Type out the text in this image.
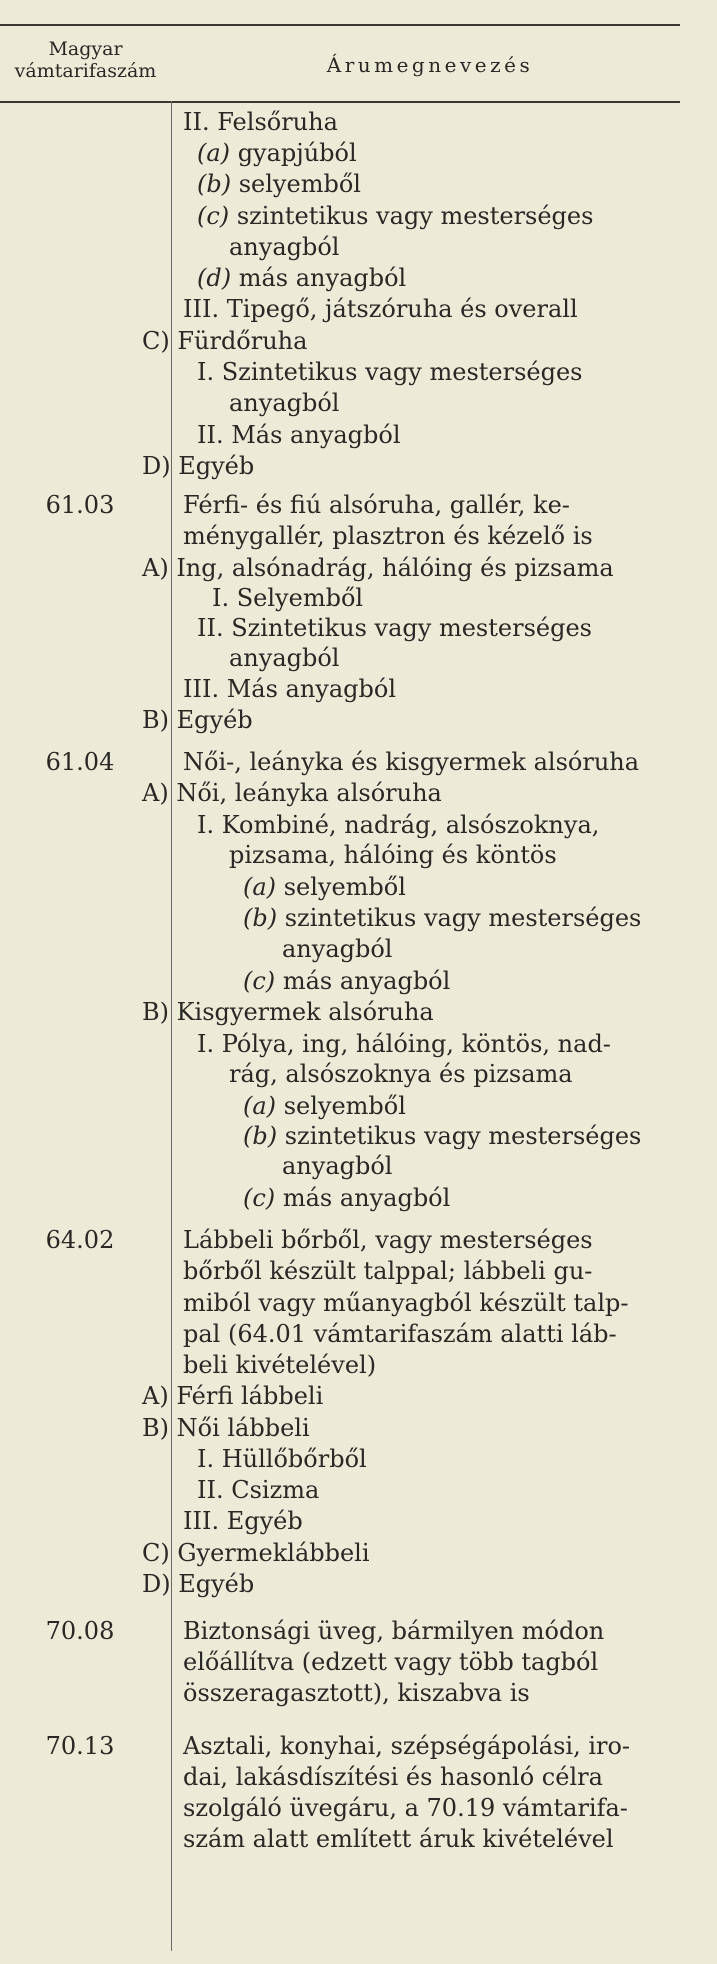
Magyar
vámtarifaszám	Árumegnevezés
II. Felsőruha
(a) gyapjúból
(b) selyemből
(c) szintetikus vagy mesterséges
anyagból
(d) más anyagból
III. Tipegő, játszóruha és overall
C) Fürdőruha
I. Szintetikus vagy mesterséges
anyagból
II. Más anyagból
D) Egyéb
61.03	Férfi- és fiú alsóruha, gallér, ke-
ménygallér, plasztron és kézelő is
A) Ing, alsónadrág, hálóing és pizsama
I. Selyemből
II. Szintetikus vagy mesterséges
anyagból
III. Más anyagból
B) Egyéb
61.04	Női-, leányka és kisgyermek alsóruha
A) Női, leányka alsóruha
I. Kombiné, nadrág, alsószoknya,
pizsama, hálóing és köntös
(a) selyemből
(b) szintetikus vagy mesterséges
anyagból
(c) más anyagból
B) Kisgyermek alsóruha
I. Pólya, ing, hálóing, köntös, nad-
rág, alsószoknya és pizsama
(a) selyemből
(b) szintetikus vagy mesterséges
anyagból
(c) más anyagból
64.02	Lábbeli bőrből, vagy mesterséges
bőrből készült talppal; lábbeli gu-
miból vagy műanyagból készült talp-
pal (64.01 vámtarifaszám alatti láb-
beli kivételével)
A) Férfi lábbeli
B) Női lábbeli
I. Hüllőbőrből
II. Csizma
III. Egyéb
C) Gyermeklábbeli
D) Egyéb
70.08	Biztonsági üveg, bármilyen módon
előállítva (edzett vagy több tagból
összeragasztott), kiszabva is
70.13	Asztali, konyhai, szépségápolási, iro-
dai, lakásdíszítési és hasonló célra
szolgáló üvegáru, a 70.19 vámtarifa-
szám alatt említett áruk kivételével
